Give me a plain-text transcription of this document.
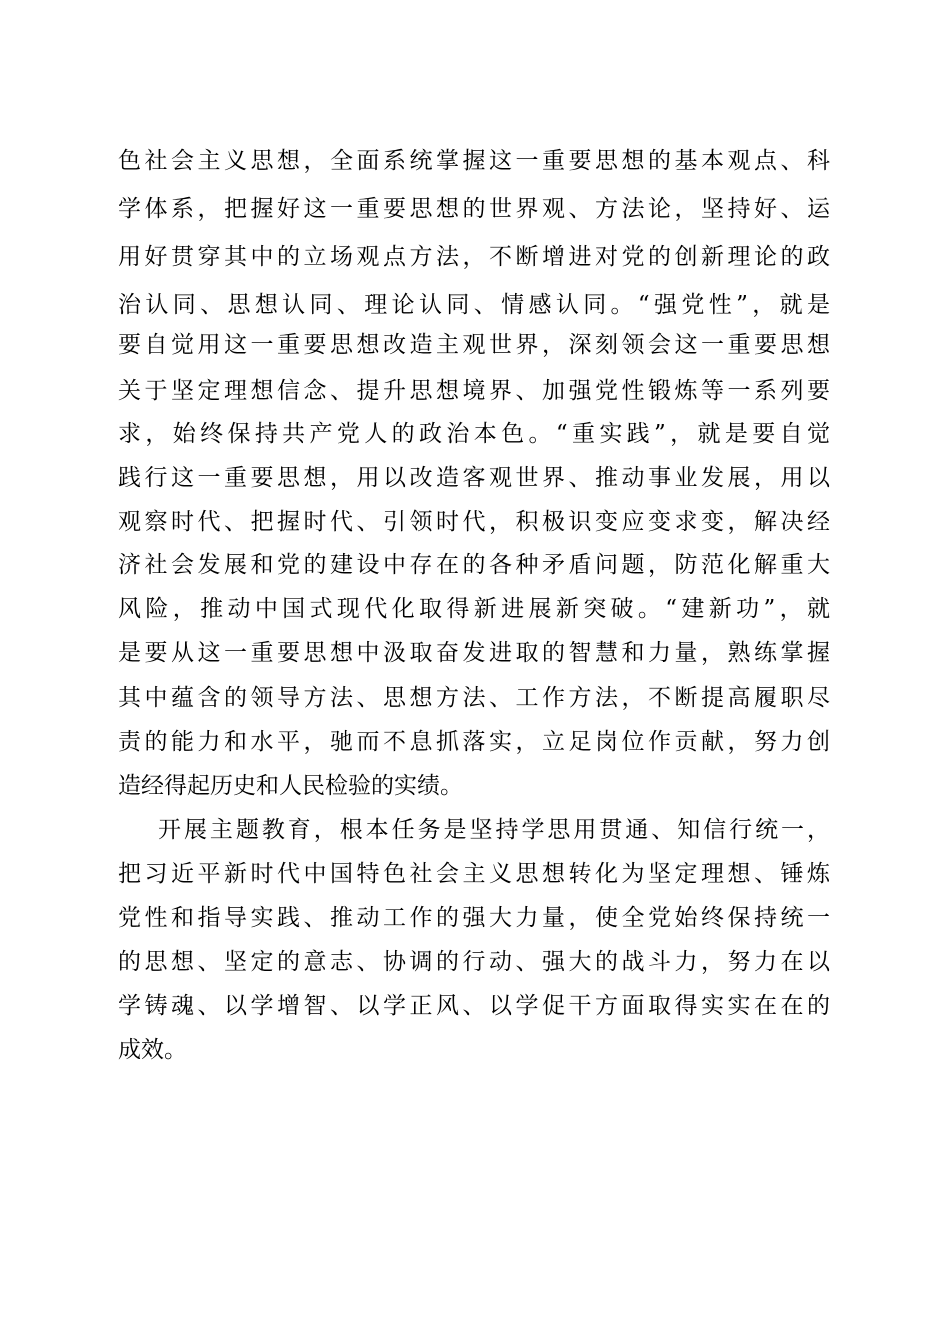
色社会主义思想，全面系统掌握这一重要思想的基本观点、科
学体系，把握好这一重要思想的世界观、方法论，坚持好、运
用好贯穿其中的立场观点方法，不断增进对党的创新理论的政
治认同、思想认同、理论认同、情感认同。“强党性”，就是
要自觉用这一重要思想改造主观世界，深刻领会这一重要思想
关于坚定理想信念、提升思想境界、加强党性锻炼等一系列要
求，始终保持共产党人的政治本色。“重实践”，就是要自觉
践行这一重要思想，用以改造客观世界、推动事业发展，用以
观察时代、把握时代、引领时代，积极识变应变求变，解决经
济社会发展和党的建设中存在的各种矛盾问题，防范化解重大
风险，推动中国式现代化取得新进展新突破。“建新功”，就
是要从这一重要思想中汲取奋发进取的智慧和力量，熟练掌握
其中蕴含的领导方法、思想方法、工作方法，不断提高履职尽
责的能力和水平，驰而不息抓落实，立足岗位作贡献，努力创
造经得起历史和人民检验的实绩。
开展主题教育，根本任务是坚持学思用贯通、知信行统一，
把习近平新时代中国特色社会主义思想转化为坚定理想、锤炼
党性和指导实践、推动工作的强大力量，使全党始终保持统一
的思想、坚定的意志、协调的行动、强大的战斗力，努力在以
学铸魂、以学增智、以学正风、以学促干方面取得实实在在的
成效。
